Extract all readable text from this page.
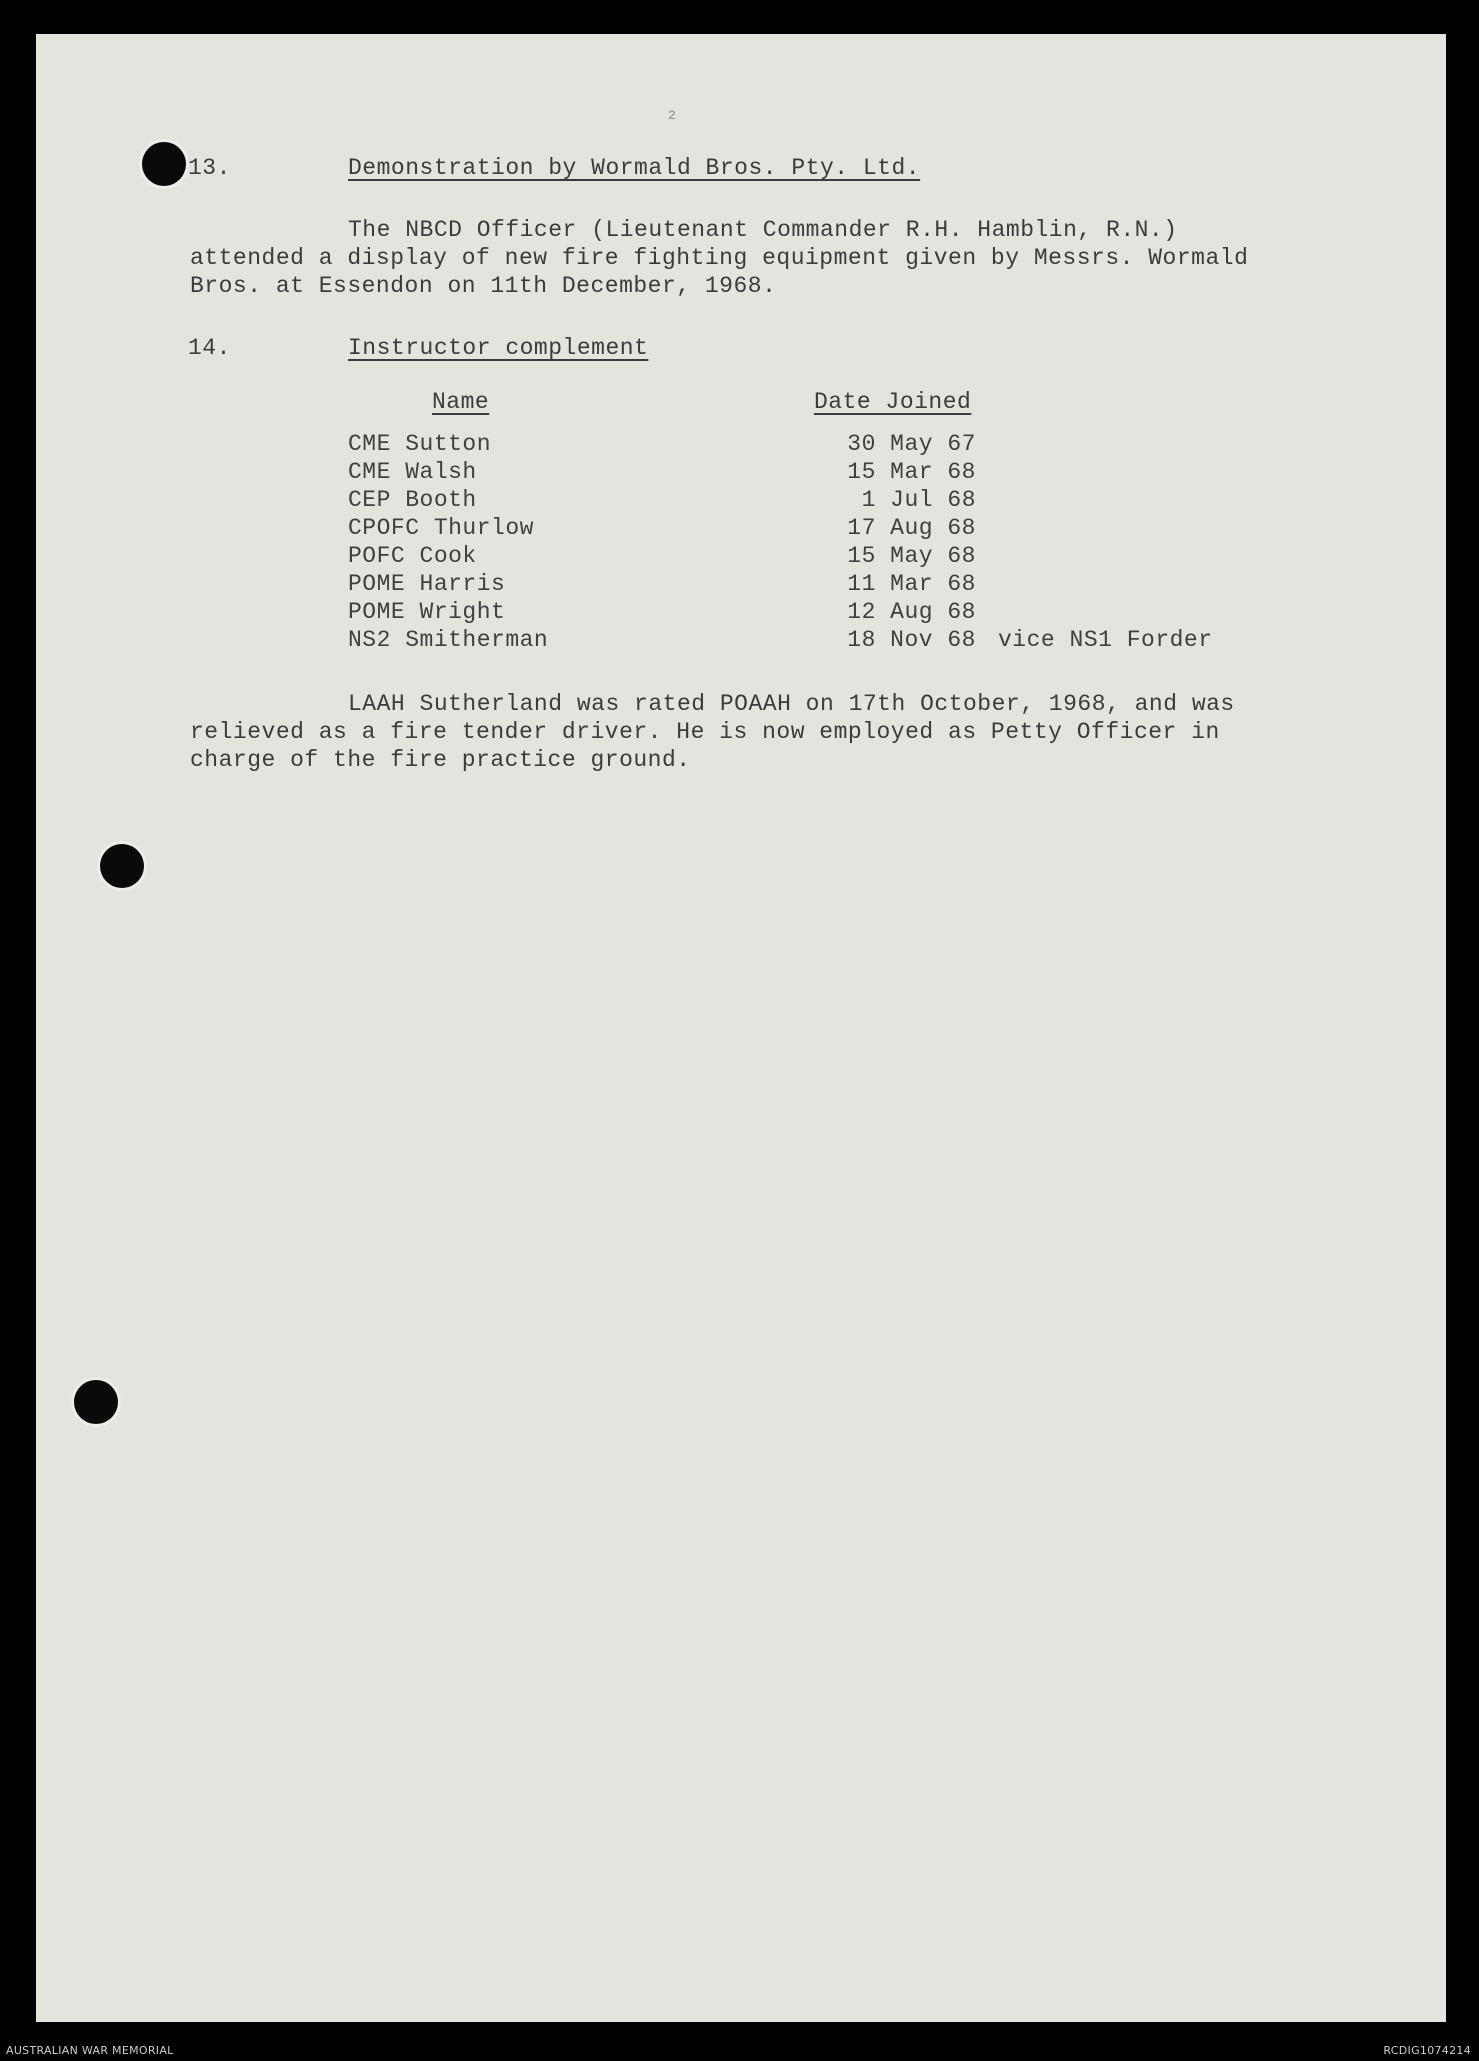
2
13.	Demonstration by Wormald Bros. Pty. Ltd.
The NBCD Officer (Lieutenant Commander R.H. Hamblin, R.N.)
attended a display of new fire fighting equipment given by Messrs. Wormald
Bros. at Essendon on 11th December, 1968.
14.	Instructor complement
Name	Date Joined
CME Sutton	30 May 67
CME Walsh	15 Mar 68
CEP Booth	1 Jul 68
CPOFC Thurlow	17 Aug 68
POFC Cook	15 May 68
POME Harris	11 Mar 68
POME Wright	12 Aug 68
NS2 Smitherman	18 Nov 68 vice NS1 Forder
LAAH Sutherland was rated POAAH on 17th October, 1968, and was
relieved as a fire tender driver. He is now employed as Petty Officer in
charge of the fire practice ground.
AUSTRALIAN WAR MEMORIAL	RCDIG1074214
